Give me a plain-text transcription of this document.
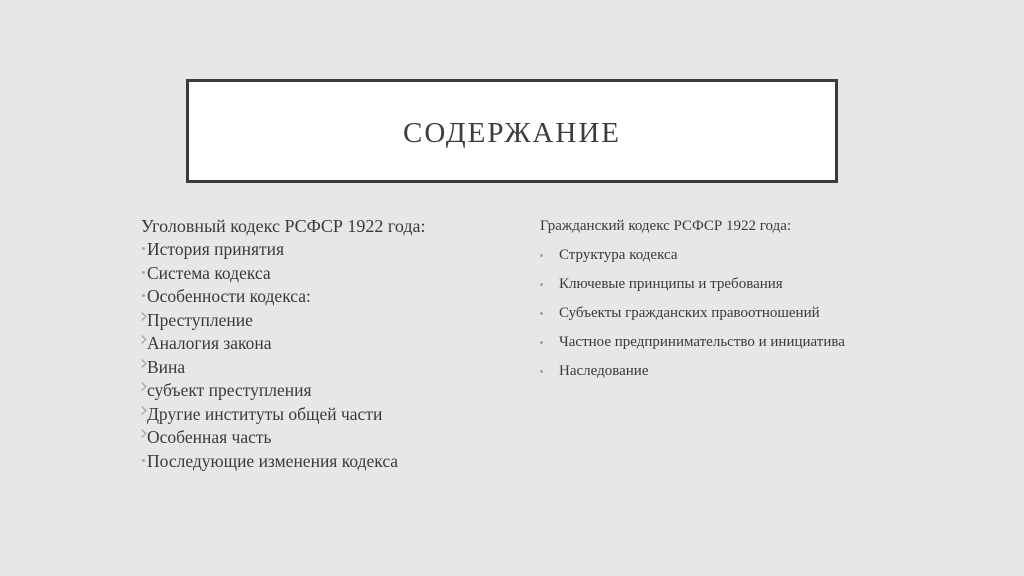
СОДЕРЖАНИЕ
Уголовный кодекс РСФСР 1922 года:
История принятия
Система кодекса
Особенности кодекса:
Преступление
Аналогия закона
Вина
субъект преступления
Другие институты общей части
Особенная часть
Последующие изменения кодекса
Гражданский кодекс РСФСР 1922 года:
Структура кодекса
Ключевые принципы и требования
Субъекты гражданских правоотношений
Частное предпринимательство и инициатива
Наследование
